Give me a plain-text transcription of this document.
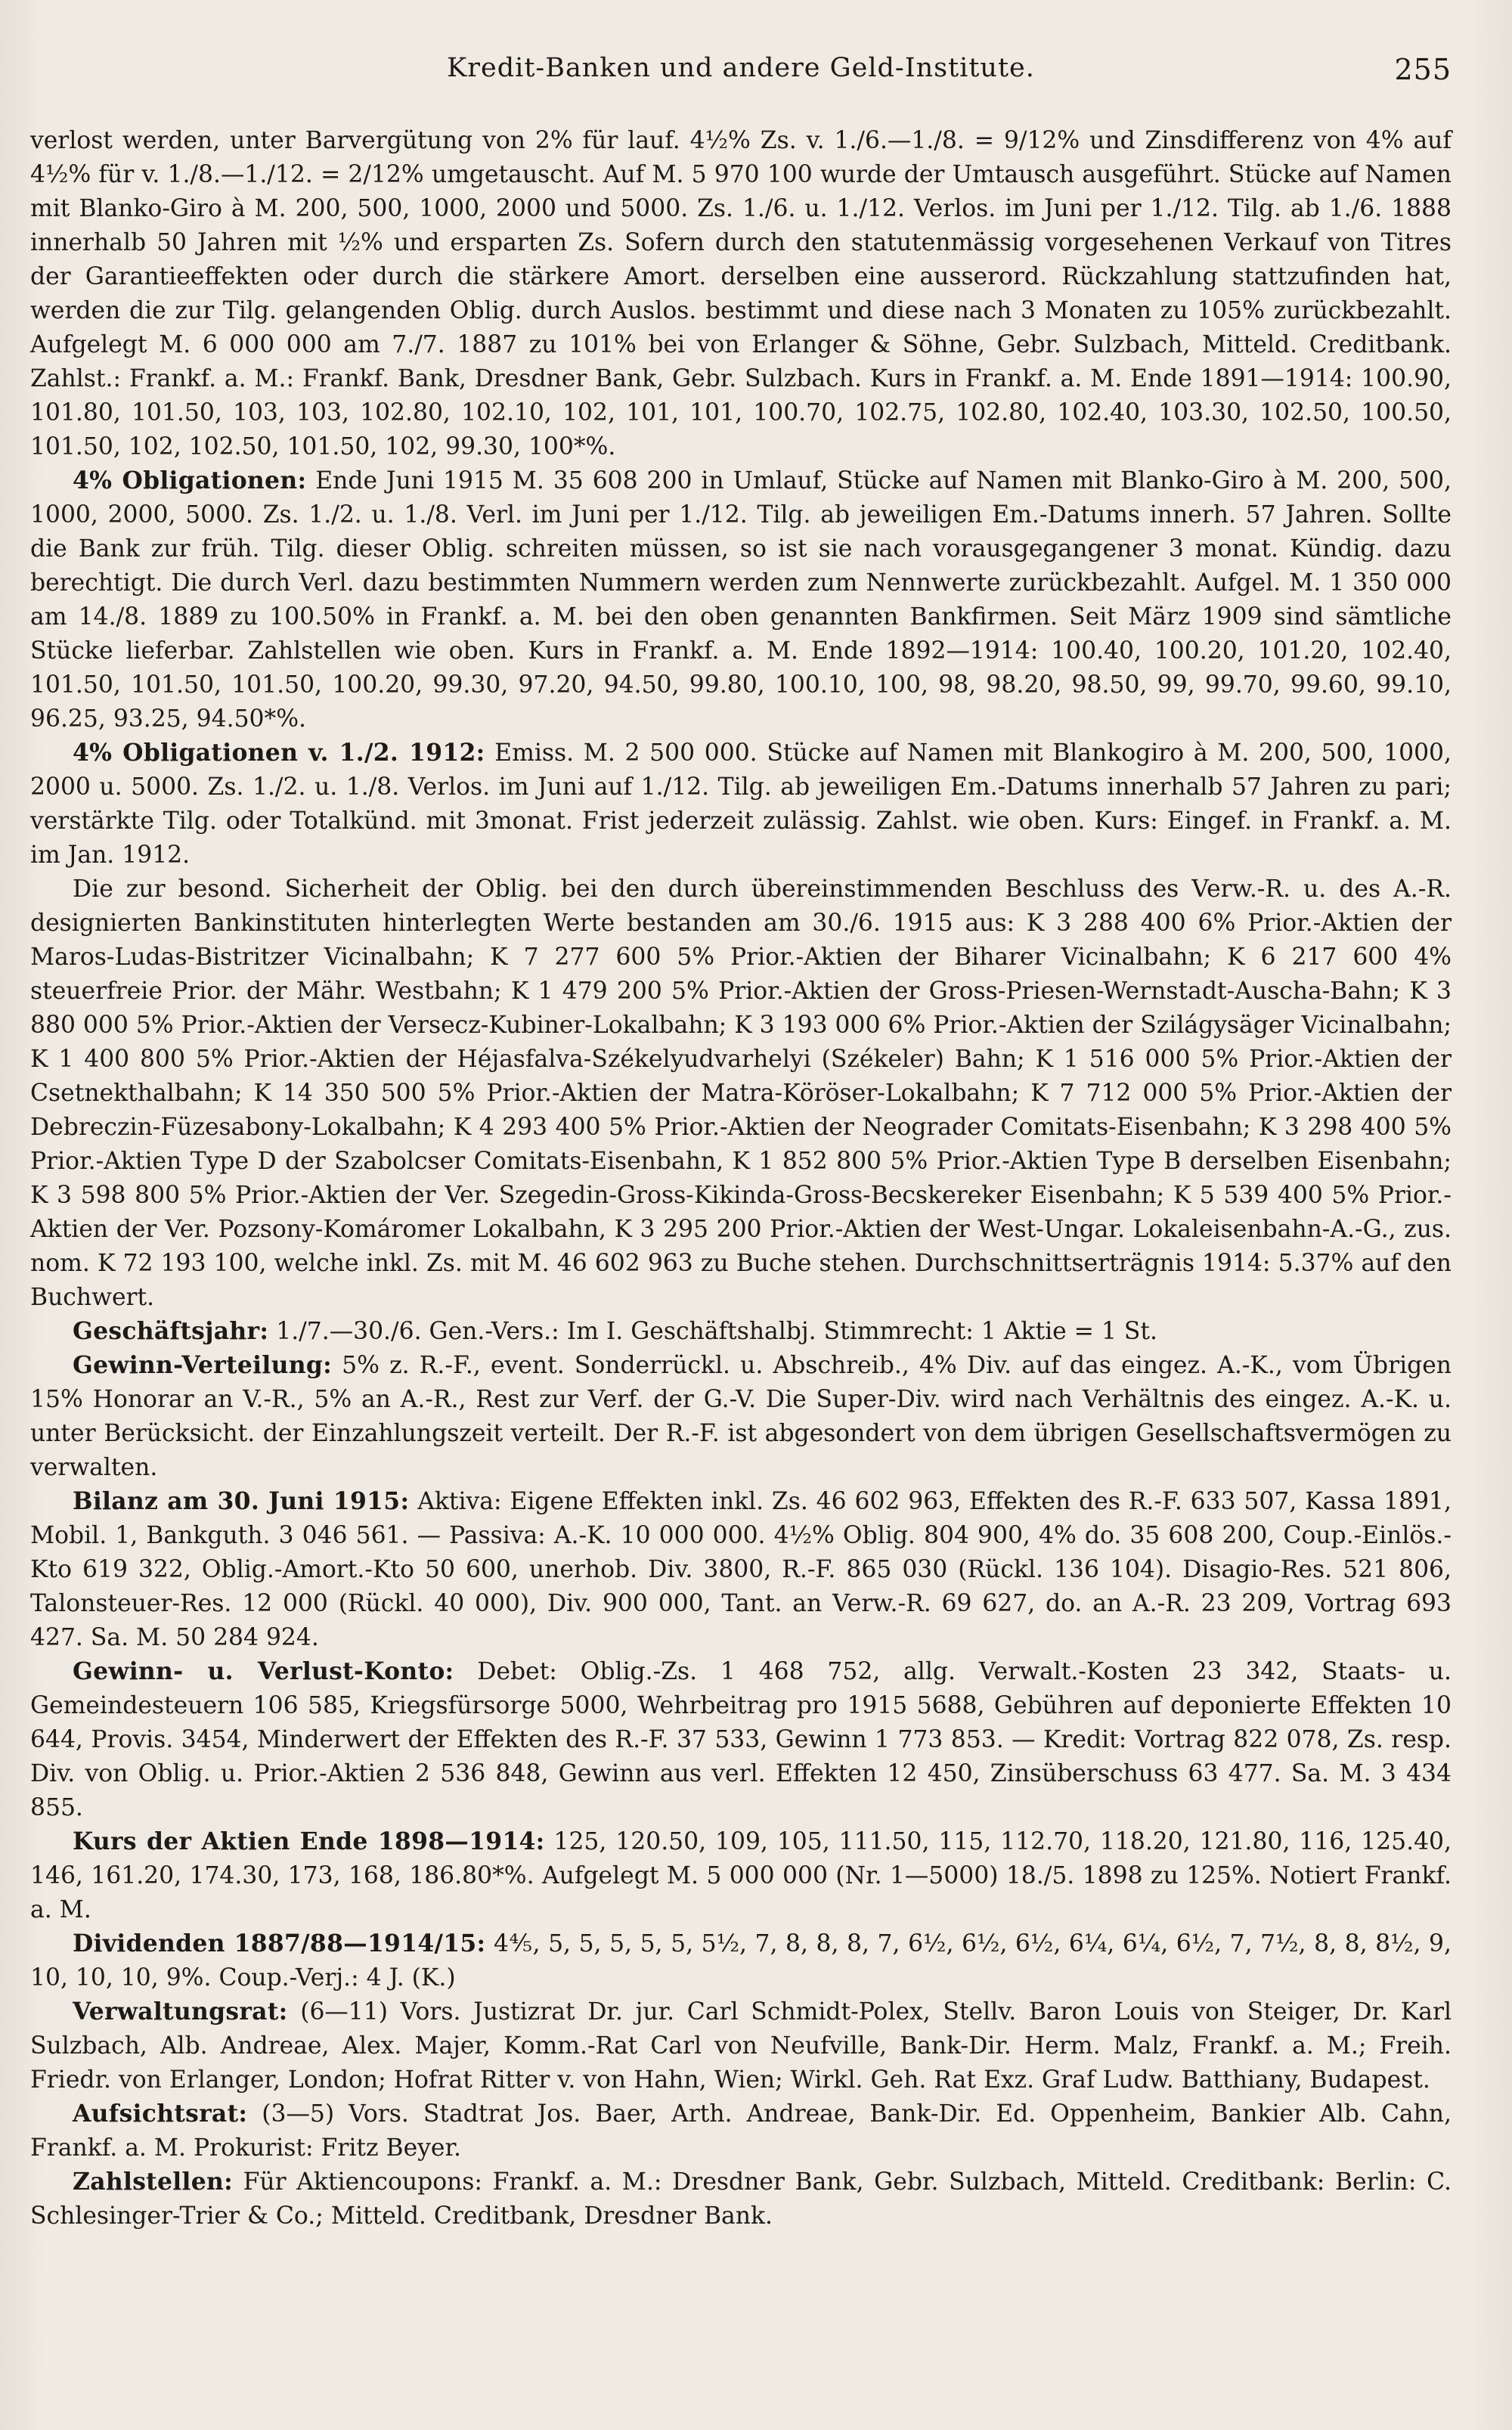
Kredit-Banken und andere Geld-Institute.	255

verlost werden, unter Barvergütung von 2% für lauf. 4½% Zs. v. 1./6.—1./8. = 9/12% und Zinsdifferenz von 4% auf 4½% für v. 1./8.—1./12. = 2/12% umgetauscht. Auf M. 5 970 100 wurde der Umtausch ausgeführt. Stücke auf Namen mit Blanko-Giro à M. 200, 500, 1000, 2000 und 5000. Zs. 1./6. u. 1./12. Verlos. im Juni per 1./12. Tilg. ab 1./6. 1888 innerhalb 50 Jahren mit ½% und ersparten Zs. Sofern durch den statutenmässig vorgesehenen Verkauf von Titres der Garantieeffekten oder durch die stärkere Amort. derselben eine ausserord. Rückzahlung stattzufinden hat, werden die zur Tilg. gelangenden Oblig. durch Auslos. bestimmt und diese nach 3 Monaten zu 105% zurückbezahlt. Aufgelegt M. 6 000 000 am 7./7. 1887 zu 101% bei von Erlanger & Söhne, Gebr. Sulzbach, Mitteld. Creditbank. Zahlst.: Frankf. a. M.: Frankf. Bank, Dresdner Bank, Gebr. Sulzbach. Kurs in Frankf. a. M. Ende 1891—1914: 100.90, 101.80, 101.50, 103, 103, 102.80, 102.10, 102, 101, 101, 100.70, 102.75, 102.80, 102.40, 103.30, 102.50, 100.50, 101.50, 102, 102.50, 101.50, 102, 99.30, 100*%.

4% Obligationen: Ende Juni 1915 M. 35 608 200 in Umlauf, Stücke auf Namen mit Blanko-Giro à M. 200, 500, 1000, 2000, 5000. Zs. 1./2. u. 1./8. Verl. im Juni per 1./12. Tilg. ab jeweiligen Em.-Datums innerh. 57 Jahren. Sollte die Bank zur früh. Tilg. dieser Oblig. schreiten müssen, so ist sie nach vorausgegangener 3 monat. Kündig. dazu berechtigt. Die durch Verl. dazu bestimmten Nummern werden zum Nennwerte zurückbezahlt. Aufgel. M. 1 350 000 am 14./8. 1889 zu 100.50% in Frankf. a. M. bei den oben genannten Bankfirmen. Seit März 1909 sind sämtliche Stücke lieferbar. Zahlstellen wie oben. Kurs in Frankf. a. M. Ende 1892—1914: 100.40, 100.20, 101.20, 102.40, 101.50, 101.50, 101.50, 100.20, 99.30, 97.20, 94.50, 99.80, 100.10, 100, 98, 98.20, 98.50, 99, 99.70, 99.60, 99.10, 96.25, 93.25, 94.50*%.

4% Obligationen v. 1./2. 1912: Emiss. M. 2 500 000. Stücke auf Namen mit Blankogiro à M. 200, 500, 1000, 2000 u. 5000. Zs. 1./2. u. 1./8. Verlos. im Juni auf 1./12. Tilg. ab jeweiligen Em.-Datums innerhalb 57 Jahren zu pari; verstärkte Tilg. oder Totalkünd. mit 3monat. Frist jederzeit zulässig. Zahlst. wie oben. Kurs: Eingef. in Frankf. a. M. im Jan. 1912.

Die zur besond. Sicherheit der Oblig. bei den durch übereinstimmenden Beschluss des Verw.-R. u. des A.-R. designierten Bankinstituten hinterlegten Werte bestanden am 30./6. 1915 aus: K 3 288 400 6% Prior.-Aktien der Maros-Ludas-Bistritzer Vicinalbahn; K 7 277 600 5% Prior.-Aktien der Biharer Vicinalbahn; K 6 217 600 4% steuerfreie Prior. der Mähr. Westbahn; K 1 479 200 5% Prior.-Aktien der Gross-Priesen-Wernstadt-Auscha-Bahn; K 3 880 000 5% Prior.-Aktien der Versecz-Kubiner-Lokalbahn; K 3 193 000 6% Prior.-Aktien der Szilágysäger Vicinalbahn; K 1 400 800 5% Prior.-Aktien der Héjasfalva-Székelyudvarhelyi (Székeler) Bahn; K 1 516 000 5% Prior.-Aktien der Csetnekthalbahn; K 14 350 500 5% Prior.-Aktien der Matra-Köröser-Lokalbahn; K 7 712 000 5% Prior.-Aktien der Debreczin-Füzesabony-Lokalbahn; K 4 293 400 5% Prior.-Aktien der Neograder Comitats-Eisenbahn; K 3 298 400 5% Prior.-Aktien Type D der Szabolcser Comitats-Eisenbahn, K 1 852 800 5% Prior.-Aktien Type B derselben Eisenbahn; K 3 598 800 5% Prior.-Aktien der Ver. Szegedin-Gross-Kikinda-Gross-Becskereker Eisenbahn; K 5 539 400 5% Prior.-Aktien der Ver. Pozsony-Komáromer Lokalbahn, K 3 295 200 Prior.-Aktien der West-Ungar. Lokaleisenbahn-A.-G., zus. nom. K 72 193 100, welche inkl. Zs. mit M. 46 602 963 zu Buche stehen. Durchschnittserträgnis 1914: 5.37% auf den Buchwert.

Geschäftsjahr: 1./7.—30./6. Gen.-Vers.: Im I. Geschäftshalbj. Stimmrecht: 1 Aktie = 1 St.

Gewinn-Verteilung: 5% z. R.-F., event. Sonderrückl. u. Abschreib., 4% Div. auf das eingez. A.-K., vom Übrigen 15% Honorar an V.-R., 5% an A.-R., Rest zur Verf. der G.-V. Die Super-Div. wird nach Verhältnis des eingez. A.-K. u. unter Berücksicht. der Einzahlungszeit verteilt. Der R.-F. ist abgesondert von dem übrigen Gesellschaftsvermögen zu verwalten.

Bilanz am 30. Juni 1915: Aktiva: Eigene Effekten inkl. Zs. 46 602 963, Effekten des R.-F. 633 507, Kassa 1891, Mobil. 1, Bankguth. 3 046 561. — Passiva: A.-K. 10 000 000. 4½% Oblig. 804 900, 4% do. 35 608 200, Coup.-Einlös.-Kto 619 322, Oblig.-Amort.-Kto 50 600, unerhob. Div. 3800, R.-F. 865 030 (Rückl. 136 104). Disagio-Res. 521 806, Talonsteuer-Res. 12 000 (Rückl. 40 000), Div. 900 000, Tant. an Verw.-R. 69 627, do. an A.-R. 23 209, Vortrag 693 427. Sa. M. 50 284 924.

Gewinn- u. Verlust-Konto: Debet: Oblig.-Zs. 1 468 752, allg. Verwalt.-Kosten 23 342, Staats- u. Gemeindesteuern 106 585, Kriegsfürsorge 5000, Wehrbeitrag pro 1915 5688, Gebühren auf deponierte Effekten 10 644, Provis. 3454, Minderwert der Effekten des R.-F. 37 533, Gewinn 1 773 853. — Kredit: Vortrag 822 078, Zs. resp. Div. von Oblig. u. Prior.-Aktien 2 536 848, Gewinn aus verl. Effekten 12 450, Zinsüberschuss 63 477. Sa. M. 3 434 855.

Kurs der Aktien Ende 1898—1914: 125, 120.50, 109, 105, 111.50, 115, 112.70, 118.20, 121.80, 116, 125.40, 146, 161.20, 174.30, 173, 168, 186.80*%. Aufgelegt M. 5 000 000 (Nr. 1—5000) 18./5. 1898 zu 125%. Notiert Frankf. a. M.

Dividenden 1887/88—1914/15: 4⅘, 5, 5, 5, 5, 5, 5½, 7, 8, 8, 8, 7, 6½, 6½, 6½, 6¼, 6¼, 6½, 7, 7½, 8, 8, 8½, 9, 10, 10, 10, 9%. Coup.-Verj.: 4 J. (K.)

Verwaltungsrat: (6—11) Vors. Justizrat Dr. jur. Carl Schmidt-Polex, Stellv. Baron Louis von Steiger, Dr. Karl Sulzbach, Alb. Andreae, Alex. Majer, Komm.-Rat Carl von Neufville, Bank-Dir. Herm. Malz, Frankf. a. M.; Freih. Friedr. von Erlanger, London; Hofrat Ritter v. von Hahn, Wien; Wirkl. Geh. Rat Exz. Graf Ludw. Batthiany, Budapest.

Aufsichtsrat: (3—5) Vors. Stadtrat Jos. Baer, Arth. Andreae, Bank-Dir. Ed. Oppenheim, Bankier Alb. Cahn, Frankf. a. M. Prokurist: Fritz Beyer.

Zahlstellen: Für Aktiencoupons: Frankf. a. M.: Dresdner Bank, Gebr. Sulzbach, Mitteld. Creditbank: Berlin: C. Schlesinger-Trier & Co.; Mitteld. Creditbank, Dresdner Bank.
